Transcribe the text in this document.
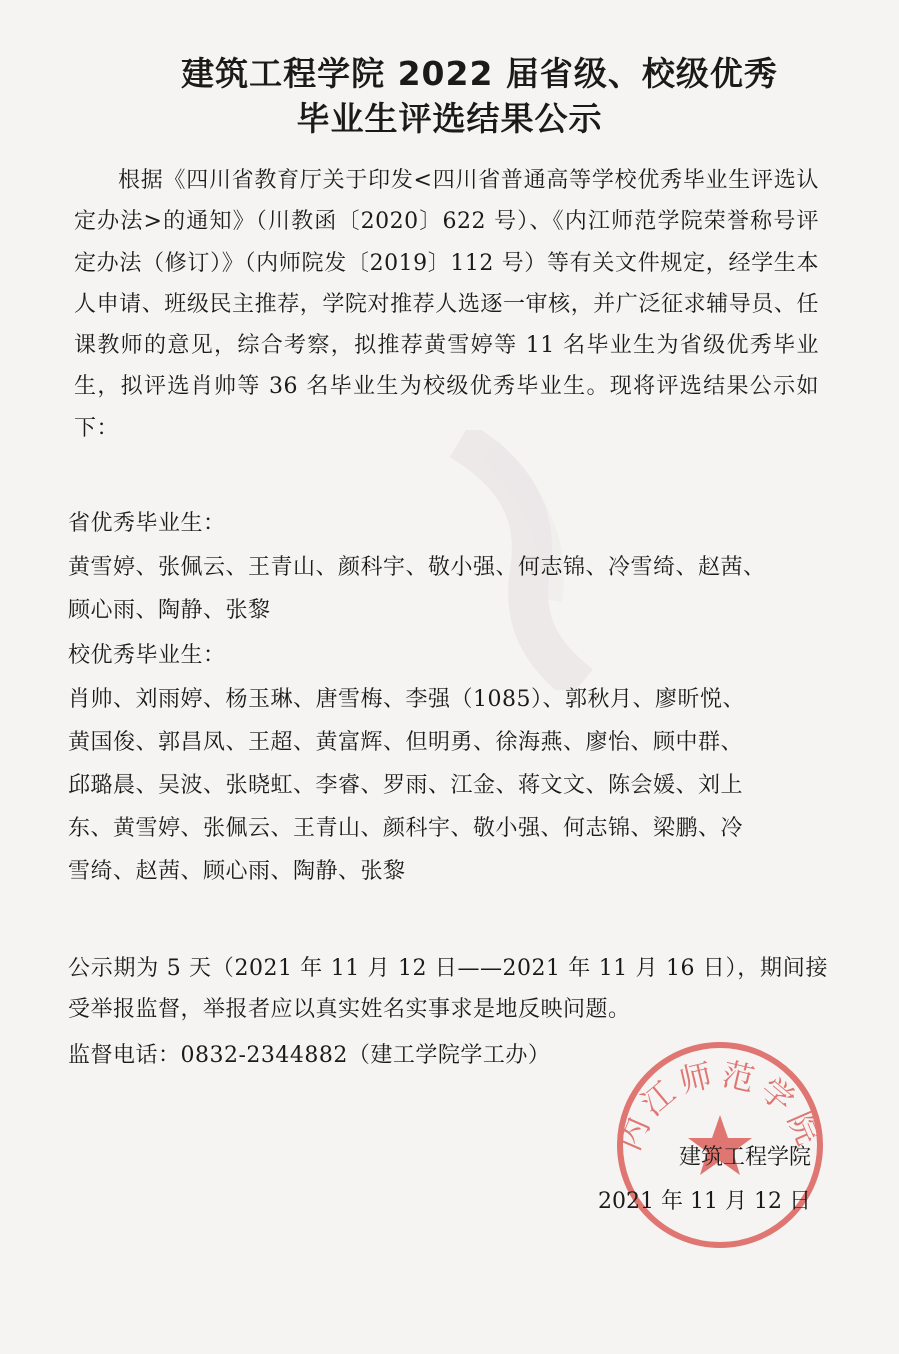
建筑工程学院 2022 届省级、校级优秀
毕业生评选结果公示
根据《四川省教育厅关于印发<四川省普通高等学校优秀毕业生评选认定办法>的通知》（川教函〔2020〕622 号）、《内江师范学院荣誉称号评定办法（修订）》（内师院发〔2019〕112 号）等有关文件规定，经学生本人申请、班级民主推荐，学院对推荐人选逐一审核，并广泛征求辅导员、任课教师的意见，综合考察，拟推荐黄雪婷等 11 名毕业生为省级优秀毕业生，拟评选肖帅等 36 名毕业生为校级优秀毕业生。现将评选结果公示如下：
省优秀毕业生：
黄雪婷、张佩云、王青山、颜科宇、敬小强、何志锦、冷雪绮、赵茜、
顾心雨、陶静、张黎
校优秀毕业生：
肖帅、刘雨婷、杨玉琳、唐雪梅、李强（1085）、郭秋月、廖昕悦、
黄国俊、郭昌凤、王超、黄富辉、但明勇、徐海燕、廖怡、顾中群、
邱璐晨、吴波、张晓虹、李睿、罗雨、江金、蒋文文、陈会媛、刘上
东、黄雪婷、张佩云、王青山、颜科宇、敬小强、何志锦、梁鹏、冷
雪绮、赵茜、顾心雨、陶静、张黎
公示期为 5 天（2021 年 11 月 12 日——2021 年 11 月 16 日），期间接受举报监督，举报者应以真实姓名实事求是地反映问题。
监督电话：0832-2344882（建工学院学工办）
内江师范学院
建筑工程学院
2021 年 11 月 12 日
